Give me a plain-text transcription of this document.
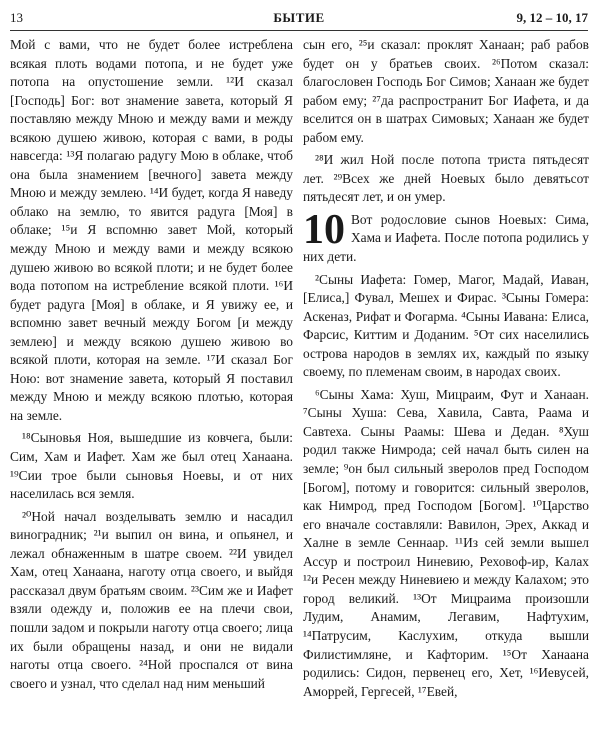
13	БЫТИЕ	9, 12 – 10, 17

Мой с вами, что не будет более истреблена всякая плоть водами потопа, и не будет уже потопа на опустошение земли. ¹²И сказал [Господь] Бог: вот знамение завета, который Я поставляю между Мною и между вами и между всякою душею живою, которая с вами, в роды навсегда: ¹³Я полагаю радугу Мою в облаке, чтоб она была знамением [вечного] завета между Мною и между землею. ¹⁴И будет, когда Я наведу облако на землю, то явится радуга [Моя] в облаке; ¹⁵и Я вспомню завет Мой, который между Мною и между вами и между всякою душею живою во всякой плоти; и не будет более вода потопом на истребление всякой плоти. ¹⁶И будет радуга [Моя] в облаке, и Я увижу ее, и вспомню завет вечный между Богом [и между землею] и между всякою душею живою во всякой плоти, которая на земле. ¹⁷И сказал Бог Ною: вот знамение завета, который Я поставил между Мною и между всякою плотью, которая на земле.

¹⁸Сыновья Ноя, вышедшие из ковчега, были: Сим, Хам и Иафет. Хам же был отец Ханаана. ¹⁹Сии трое были сыновья Ноевы, и от них населилась вся земля.

²⁰Ной начал возделывать землю и насадил виноградник; ²¹и выпил он вина, и опьянел, и лежал обнаженным в шатре своем. ²²И увидел Хам, отец Ханаана, наготу отца своего, и выйдя рассказал двум братьям своим. ²³Сим же и Иафет взяли одежду и, положив ее на плечи свои, пошли задом и покрыли наготу отца своего; лица их были обращены назад, и они не видали наготы отца своего. ²⁴Ной проспался от вина своего и узнал, что сделал над ним меньший

сын его, ²⁵и сказал: проклят Ханаан; раб рабов будет он у братьев своих. ²⁶Потом сказал: благословен Господь Бог Симов; Ханаан же будет рабом ему; ²⁷да распространит Бог Иафета, и да вселится он в шатрах Симовых; Ханаан же будет рабом ему.

²⁸И жил Ной после потопа триста пятьдесят лет. ²⁹Всех же дней Ноевых было девятьсот пятьдесят лет, и он умер.

10 Вот родословие сынов Ноевых: Сима, Хама и Иафета. После потопа родились у них дети.

²Сыны Иафета: Гомер, Магог, Мадай, Иаван, [Елиса,] Фувал, Мешех и Фирас. ³Сыны Гомера: Аскеназ, Рифат и Фогарма. ⁴Сыны Иавана: Елиса, Фарсис, Киттим и Доданим. ⁵От сих населились острова народов в землях их, каждый по языку своему, по племенам своим, в народах своих.

⁶Сыны Хама: Хуш, Мицраим, Фут и Ханаан. ⁷Сыны Хуша: Сева, Хавила, Савта, Раама и Савтеха. Сыны Раамы: Шева и Дедан. ⁸Хуш родил также Нимрода; сей начал быть силен на земле; ⁹он был сильный зверолов пред Господом [Богом], потому и говорится: сильный зверолов, как Нимрод, пред Господом [Богом]. ¹⁰Царство его вначале составляли: Вавилон, Эрех, Аккад и Халне в земле Сеннаар. ¹¹Из сей земли вышел Ассур и построил Ниневию, Реховоф-ир, Калах ¹²и Ресен между Ниневиею и между Калахом; это город великий. ¹³От Мицраима произошли Лудим, Анамим, Легавим, Нафтухим, ¹⁴Патрусим, Каслухим, откуда вышли Филистимляне, и Кафторим. ¹⁵От Ханаана родились: Сидон, первенец его, Хет, ¹⁶Иевусей, Аморрей, Гергесей, ¹⁷Евей,
